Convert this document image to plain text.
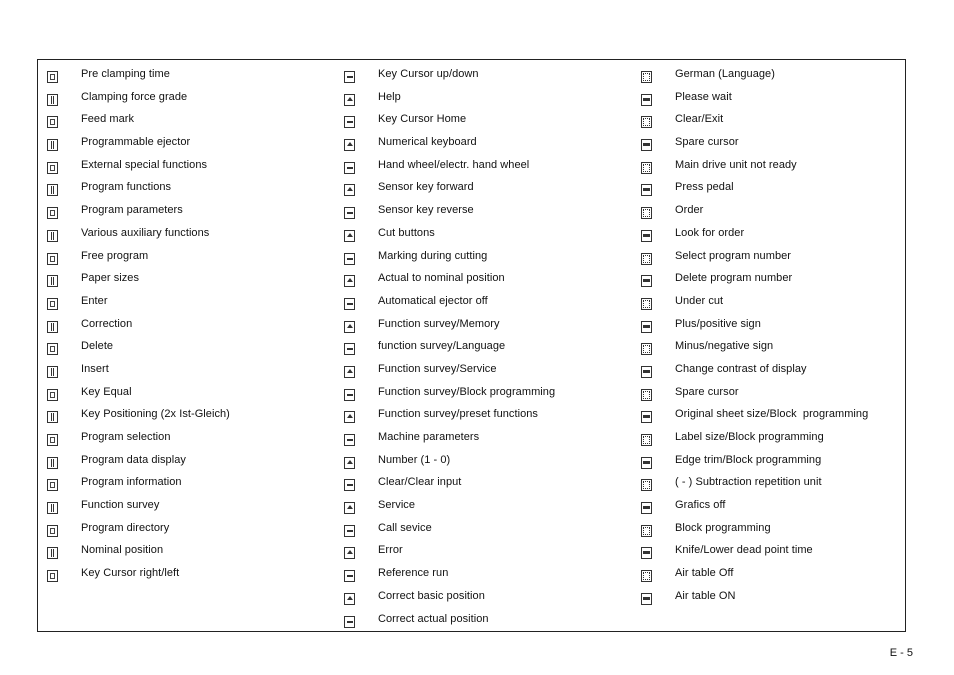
Pre clamping time
Clamping force grade
Feed mark
Programmable ejector
External special functions
Program functions
Program parameters
Various auxiliary functions
Free program
Paper sizes
Enter
Correction
Delete
Insert
Key Equal
Key Positioning (2x Ist-Gleich)
Program selection
Program data display
Program information
Function survey
Program directory
Nominal position
Key Cursor right/left
Key Cursor up/down
Help
Key Cursor Home
Numerical keyboard
Hand wheel/electr. hand wheel
Sensor key forward
Sensor key reverse
Cut buttons
Marking during cutting
Actual to nominal position
Automatical ejector off
Function survey/Memory
function survey/Language
Function survey/Service
Function survey/Block programming
Function survey/preset functions
Machine parameters
Number (1 - 0)
Clear/Clear input
Service
Call sevice
Error
Reference run
Correct basic position
Correct actual position
German (Language)
Please wait
Clear/Exit
Spare cursor
Main drive unit not ready
Press pedal
Order
Look for order
Select program number
Delete program number
Under cut
Plus/positive sign
Minus/negative sign
Change contrast of display
Spare cursor
Original sheet size/Block  programming
Label size/Block programming
Edge trim/Block programming
( - ) Subtraction repetition unit
Grafics off
Block programming
Knife/Lower dead point time
Air table Off
Air table ON
E - 5
